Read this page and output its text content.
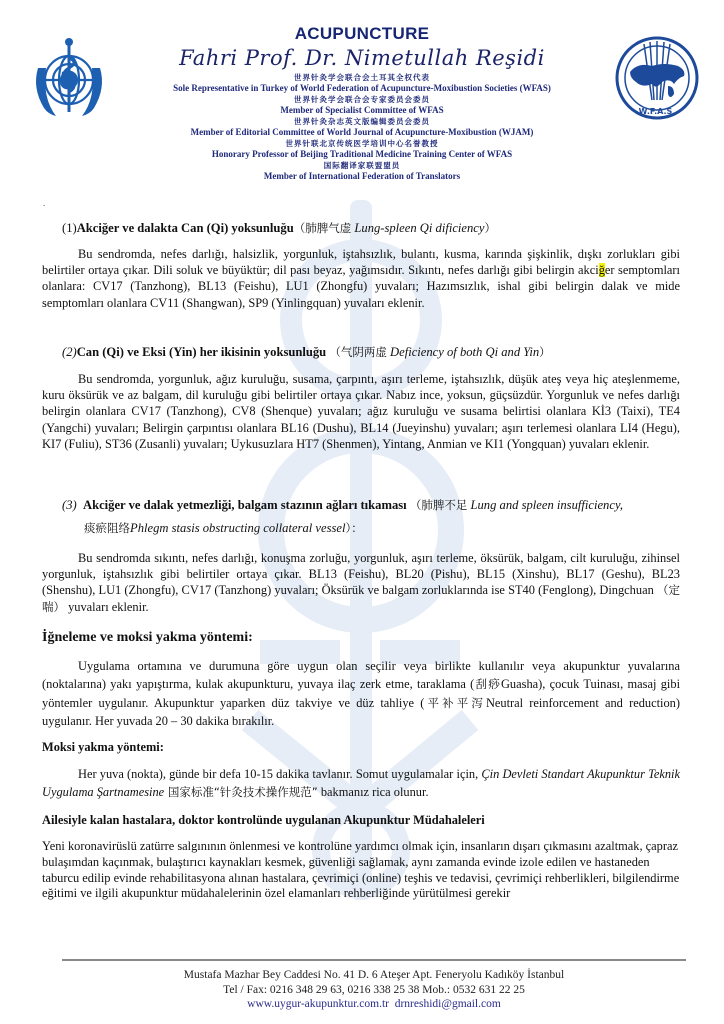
W.F.A.S.
ACUPUNCTURE
Fahri Prof. Dr. Nimetullah Reşidi
世界针灸学会联合会土耳其全权代表
Sole Representative in Turkey of World Federation of Acupuncture-Moxibustion Societies (WFAS)
世界针灸学会联合会专家委员会委员
Member of Specialist Committee of WFAS
世界针灸杂志英文版编辑委员会委员
Member of Editorial Committee of World Journal of Acupuncture-Moxibustion (WJAM)
世界针联北京传统医学培训中心名誉教授
Honorary Professor of Beijing Traditional Medicine Training Center of WFAS
国际翻译家联盟盟员
Member of International Federation of Translators
.
(1)Akciğer ve dalakta Can (Qi) yoksunluğu（肺脾气虚 Lung-spleen Qi dificiency）
Bu sendromda, nefes darlığı, halsizlik, yorgunluk, iştahsızlık, bulantı, kusma, karında şişkinlik, dışkı zorlukları gibi belirtiler ortaya çıkar. Dili soluk ve büyüktür; dil pası beyaz, yağımsıdır. Sıkıntı, nefes darlığı gibi belirgin akciğer semptomları olanlara: CV17 (Tanzhong), BL13 (Feishu), LU1 (Zhongfu) yuvaları; Hazımsızlık, ishal gibi belirgin dalak ve mide semptomları olanlara CV11 (Shangwan), SP9 (Yinlingquan) yuvaları eklenir.
(2)Can (Qi) ve Eksi (Yin) her ikisinin yoksunluğu （气阴两虚 Deficiency of both Qi and Yin）
Bu sendromda, yorgunluk, ağız kuruluğu, susama, çarpıntı, aşırı terleme, iştahsızlık, düşük ateş veya hiç ateşlenmeme, kuru öksürük ve az balgam, dil kuruluğu gibi belirtiler ortaya çıkar. Nabız ince, yoksun, güçsüzdür. Yorgunluk ve nefes darlığı belirgin olanlara CV17 (Tanzhong), CV8 (Shenque) yuvaları; ağız kuruluğu ve susama belirtisi olanlara Kİ3 (Taixi), TE4 (Yangchi) yuvaları; Belirgin çarpıntısı olanlara BL16 (Dushu), BL14 (Jueyinshu) yuvaları; aşırı terlemesi olanlara LI4 (Hegu), KI7 (Fuliu), ST36 (Zusanli) yuvaları; Uykusuzlara HT7 (Shenmen), Yintang, Anmian ve KI1 (Yongquan) yuvaları eklenir.
(3) Akciğer ve dalak yetmezliği, balgam stazının ağları tıkaması （肺脾不足 Lung and spleen insufficiency,
痰瘀阻络Phlegm stasis obstructing collateral vessel）：
Bu sendromda sıkıntı, nefes darlığı, konuşma zorluğu, yorgunluk, aşırı terleme, öksürük, balgam, cilt kuruluğu, zihinsel yorgunluk, iştahsızlık gibi belirtiler ortaya çıkar. BL13 (Feishu), BL20 (Pishu), BL15 (Xinshu), BL17 (Geshu), BL23 (Shenshu), LU1 (Zhongfu), CV17 (Tanzhong) yuvaları; Öksürük ve balgam zorluklarında ise ST40 (Fenglong), Dingchuan （定喘） yuvaları eklenir.
İğneleme ve moksi yakma yöntemi:
Uygulama ortamına ve durumuna göre uygun olan seçilir veya birlikte kullanılır veya akupunktur yuvalarına (noktalarına) yakı yapıştırma, kulak akupunkturu, yuvaya ilaç zerk etme, taraklama (刮痧Guasha), çocuk Tuinası, masaj gibi yöntemler uygulanır. Akupunktur yaparken düz takviye ve düz tahliye (平补平泻Neutral reinforcement and reduction) uygulanır. Her yuvada 20 – 30 dakika bırakılır.
Moksi yakma yöntemi:
Her yuva (nokta), günde bir defa 10-15 dakika tavlanır. Somut uygulamalar için, Çin Devleti Standart Akupunktur Teknik Uygulama Şartnamesine 国家标准“针灸技术操作规范” bakmanız rica olunur.
Ailesiyle kalan hastalara, doktor kontrolünde uygulanan Akupunktur Müdahaleleri
Yeni koronavirüslü zatürre salgınının önlenmesi ve kontrolüne yardımcı olmak için, insanların dışarı çıkmasını azaltmak, çapraz bulaşımdan kaçınmak, bulaştırıcı kaynakları kesmek, güvenliği sağlamak, aynı zamanda evinde izole edilen ve hastaneden taburcu edilip evinde rehabilitasyona alınan hastalara, çevrimiçi (online) teşhis ve tedavisi, çevrimiçi rehberlikleri, bilgilendirme eğitimi ve ilgili akupunktur müdahalelerinin özel elamanları rehberliğinde yürütülmesi gerekir
Mustafa Mazhar Bey Caddesi No. 41 D. 6 Ateşer Apt. Feneryolu Kadıköy İstanbul
Tel / Fax: 0216 348 29 63, 0216 338 25 38 Mob.: 0532 631 22 25
www.uygur-akupunktur.com.tr drnreshidi@gmail.com
